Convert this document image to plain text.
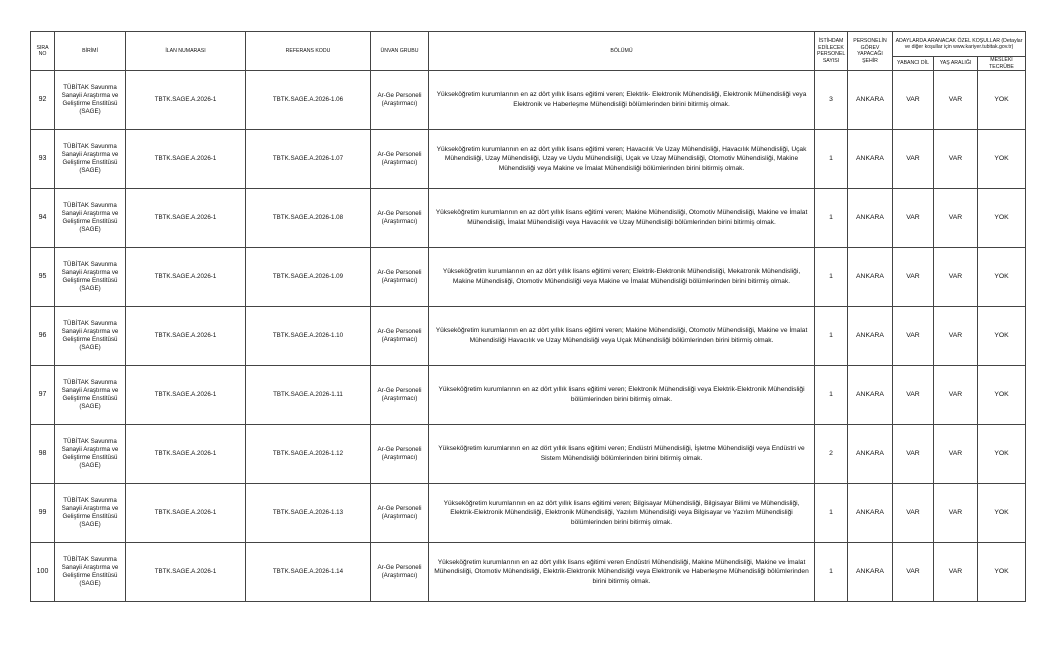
SIRA NO	BİRİMİ	İLAN NUMARASI	REFERANS KODU	ÜNVAN GRUBU	BÖLÜMÜ	İSTİHDAM EDİLECEK PERSONEL SAYISI	PERSONELİN GÖREV YAPACAĞI ŞEHİR	ADAYLARDA ARANACAK ÖZEL KOŞULLAR (Detaylar ve diğer koşullar için www.kariyer.tubitak.gov.tr)		
								YABANCI DİL	YAŞ ARALIĞI	MESLEKİ TECRÜBE
92	TÜBİTAK Savunma Sanayii Araştırma ve Geliştirme Enstitüsü (SAGE)	TBTK.SAGE.A.2026-1	TBTK.SAGE.A.2026-1.06	Ar-Ge Personeli (Araştırmacı)	Yükseköğretim kurumlarının en az dört yıllık lisans eğitimi veren; Elektrik- Elektronik Mühendisliği, Elektronik Mühendisliği veya Elektronik ve Haberleşme Mühendisliği bölümlerinden birini bitirmiş olmak.	3	ANKARA	VAR	VAR	YOK
93	TÜBİTAK Savunma Sanayii Araştırma ve Geliştirme Enstitüsü (SAGE)	TBTK.SAGE.A.2026-1	TBTK.SAGE.A.2026-1.07	Ar-Ge Personeli (Araştırmacı)	Yükseköğretim kurumlarının en az dört yıllık lisans eğitimi veren; Havacılık Ve Uzay Mühendisliği, Havacılık Mühendisliği, Uçak Mühendisliği, Uzay Mühendisliği, Uzay ve Uydu Mühendisliği, Uçak ve Uzay Mühendisliği, Otomotiv Mühendisliği, Makine Mühendisliği veya Makine ve İmalat Mühendisliği bölümlerinden birini bitirmiş olmak.	1	ANKARA	VAR	VAR	YOK
94	TÜBİTAK Savunma Sanayii Araştırma ve Geliştirme Enstitüsü (SAGE)	TBTK.SAGE.A.2026-1	TBTK.SAGE.A.2026-1.08	Ar-Ge Personeli (Araştırmacı)	Yükseköğretim kurumlarının en az dört yıllık lisans eğitimi veren; Makine Mühendisliği, Otomotiv Mühendisliği, Makine ve İmalat Mühendisliği, İmalat Mühendisliği veya Havacılık ve Uzay Mühendisliği bölümlerinden birini bitirmiş olmak.	1	ANKARA	VAR	VAR	YOK
95	TÜBİTAK Savunma Sanayii Araştırma ve Geliştirme Enstitüsü (SAGE)	TBTK.SAGE.A.2026-1	TBTK.SAGE.A.2026-1.09	Ar-Ge Personeli (Araştırmacı)	Yükseköğretim kurumlarının en az dört yıllık lisans eğitimi veren; Elektrik-Elektronik Mühendisliği, Mekatronik Mühendisliği, Makine Mühendisliği, Otomotiv Mühendisliği veya Makine ve İmalat Mühendisliği bölümlerinden birini bitirmiş olmak.	1	ANKARA	VAR	VAR	YOK
96	TÜBİTAK Savunma Sanayii Araştırma ve Geliştirme Enstitüsü (SAGE)	TBTK.SAGE.A.2026-1	TBTK.SAGE.A.2026-1.10	Ar-Ge Personeli (Araştırmacı)	Yükseköğretim kurumlarının en az dört yıllık lisans eğitimi veren; Makine Mühendisliği, Otomotiv Mühendisliği, Makine ve İmalat Mühendisliği Havacılık ve Uzay Mühendisliği veya Uçak Mühendisliği bölümlerinden birini bitirmiş olmak.	1	ANKARA	VAR	VAR	YOK
97	TÜBİTAK Savunma Sanayii Araştırma ve Geliştirme Enstitüsü (SAGE)	TBTK.SAGE.A.2026-1	TBTK.SAGE.A.2026-1.11	Ar-Ge Personeli (Araştırmacı)	Yükseköğretim kurumlarının en az dört yıllık lisans eğitimi veren; Elektronik Mühendisliği veya Elektrik-Elektronik Mühendisliği bölümlerinden birini bitirmiş olmak.	1	ANKARA	VAR	VAR	YOK
98	TÜBİTAK Savunma Sanayii Araştırma ve Geliştirme Enstitüsü (SAGE)	TBTK.SAGE.A.2026-1	TBTK.SAGE.A.2026-1.12	Ar-Ge Personeli (Araştırmacı)	Yükseköğretim kurumlarının en az dört yıllık lisans eğitimi veren; Endüstri Mühendisliği, İşletme Mühendisliği veya Endüstri ve Sistem Mühendisliği bölümlerinden birini bitirmiş olmak.	2	ANKARA	VAR	VAR	YOK
99	TÜBİTAK Savunma Sanayii Araştırma ve Geliştirme Enstitüsü (SAGE)	TBTK.SAGE.A.2026-1	TBTK.SAGE.A.2026-1.13	Ar-Ge Personeli (Araştırmacı)	Yükseköğretim kurumlarının en az dört yıllık lisans eğitimi veren; Bilgisayar Mühendisliği, Bilgisayar Bilimi ve Mühendisliği, Elektrik-Elektronik Mühendisliği, Elektronik Mühendisliği, Yazılım Mühendisliği veya Bilgisayar ve Yazılım Mühendisliği bölümlerinden birini bitirmiş olmak.	1	ANKARA	VAR	VAR	YOK
100	TÜBİTAK Savunma Sanayii Araştırma ve Geliştirme Enstitüsü (SAGE)	TBTK.SAGE.A.2026-1	TBTK.SAGE.A.2026-1.14	Ar-Ge Personeli (Araştırmacı)	Yükseköğretim kurumlarının en az dört yıllık lisans eğitimi veren Endüstri Mühendisliği, Makine Mühendisliği, Makine ve İmalat Mühendisliği, Otomotiv Mühendisliği, Elektrik-Elektronik Mühendisliği veya Elektronik ve Haberleşme Mühendisliği bölümlerinden birini bitirmiş olmak.	1	ANKARA	VAR	VAR	YOK
